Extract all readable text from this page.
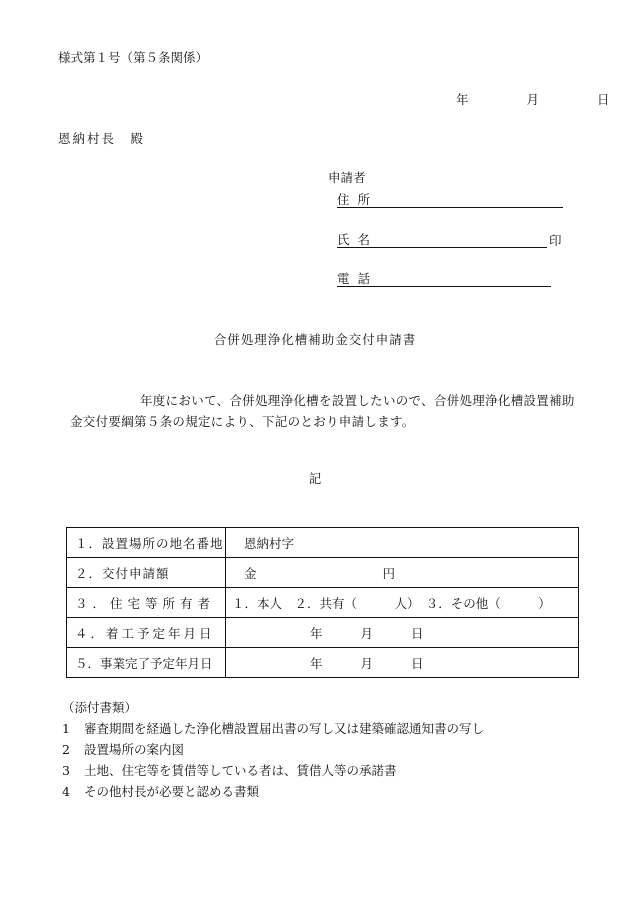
様式第１号（第５条関係）
年	月	日
恩納村長　殿
申請者
住所
氏名	印
電話
合併処理浄化槽補助金交付申請書
年度において、合併処理浄化槽を設置したいので、合併処理浄化槽設置補助金交付要綱第５条の規定により、下記のとおり申請します。
記
１．設置場所の地名番地	恩納村字
２．交付申請額	金 円
３．住宅等所有者	１．本人　２．共有（　　　人）　３．その他（　　　）
４．着工予定年月日	年 月 日
５．事業完了予定年月日	年 月 日
（添付書類）
1 審査期間を経過した浄化槽設置届出書の写し又は建築確認通知書の写し
2 設置場所の案内図
3 土地、住宅等を賃借等している者は、賃借人等の承諾書
4 その他村長が必要と認める書類
